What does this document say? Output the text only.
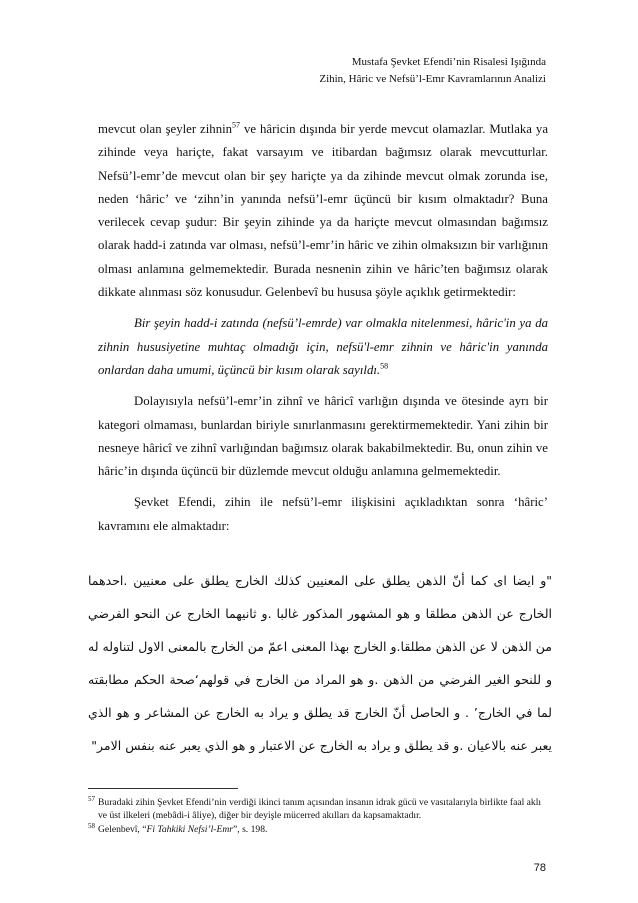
Mustafa Şevket Efendi’nin Risalesi Işığında
Zihin, Hâric ve Nefsü’l-Emr Kavramlarının Analizi

mevcut olan şeyler zihnin$^{57}$ ve hâricin dışında bir yerde mevcut olamazlar. Mutlaka ya zihinde veya hariçte, fakat varsayım ve itibardan bağımsız olarak mevcutturlar. Nefsü’l-emr’de mevcut olan bir şey hariçte ya da zihinde mevcut olmak zorunda ise, neden ‘hâric’ ve ‘zihn’in yanında nefsü’l-emr üçüncü bir kısım olmaktadır? Buna verilecek cevap şudur: Bir şeyin zihinde ya da hariçte mevcut olmasından bağımsız olarak hadd-i zatında var olması, nefsü’l-emr’in hâric ve zihin olmaksızın bir varlığının olması anlamına gelmemektedir. Burada nesnenin zihin ve hâric’ten bağımsız olarak dikkate alınması söz konusudur. Gelenbevî bu hususa şöyle açıklık getirmektedir:

Bir şeyin hadd-i zatında (nefsü’l-emrde) var olmakla nitelenmesi, hâric'in ya da zihnin hususiyetine muhtaç olmadığı için, nefsü'l-emr zihnin ve hâric'in yanında onlardan daha umumi, üçüncü bir kısım olarak sayıldı.$^{58}$

Dolayısıyla nefsü’l-emr’in zihnî ve hâricî varlığın dışında ve ötesinde ayrı bir kategori olmaması, bunlardan biriyle sınırlanmasını gerektirmemektedir. Yani zihin bir nesneye hâricî ve zihnî varlığından bağımsız olarak bakabilmektedir. Bu, onun zihin ve hâric’in dışında üçüncü bir düzlemde mevcut olduğu anlamına gelmemektedir.

Şevket Efendi, zihin ile nefsü’l-emr ilişkisini açıkladıktan sonra ‘hâric’ kavramını ele almaktadır:

"و ايضا اى كما أنّ الذهن يطلق على المعنيين كذلك الخارج يطلق على معنيين .احدهما الخارج عن الذهن مطلقا و هو المشهور المذكور غالبا .و ثانيهما الخارج عن النحو الفرضي من الذهن لا عن الذهن مطلقا.و الخارج بهذا المعنى اعمّ من الخارج بالمعنى الاول لتناوله له و للنحو الغير الفرضي من الذهن .و هو المراد من الخارج في قولهم‘صحة الحكم مطابقته لما في الخارج’ . و الحاصل أنّ الخارج قد يطلق و يراد به الخارج عن المشاعر و هو الذي يعبر عنه بالاعيان .و قد يطلق و يراد به الخارج عن الاعتبار و هو الذي يعبر عنه بنفس الامر"

$^{57}$ Buradaki zihin Şevket Efendi’nin verdiği ikinci tanım açısından insanın idrak gücü ve vasıtalarıyla birlikte faal aklı
ve üst ilkeleri (mebâdi-i âliye), diğer bir deyişle mücerred akılları da kapsamaktadır.

$^{58}$ Gelenbevî, “Fi Tahkiki Nefsi’l-Emr”, s. 198.

78
